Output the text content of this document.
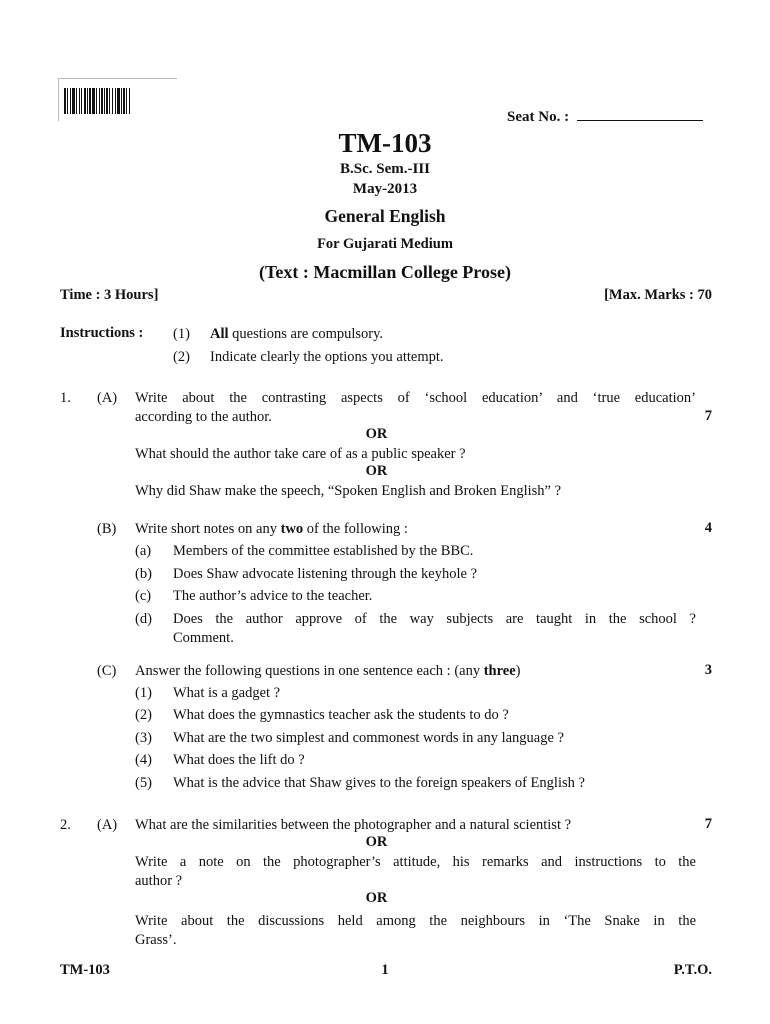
Seat No. :
TM-103
B.Sc. Sem.-III
May-2013
General English
For Gujarati Medium
(Text : Macmillan College Prose)
Time : 3 Hours]	[Max. Marks : 70
Instructions : (1) All questions are compulsory.
(2) Indicate clearly the options you attempt.
1. (A) Write about the contrasting aspects of ‘school education’ and ‘true education’
according to the author.	7
OR
What should the author take care of as a public speaker ?
OR
Why did Shaw make the speech, “Spoken English and Broken English” ?
(B) Write short notes on any two of the following :	4
(a) Members of the committee established by the BBC.
(b) Does Shaw advocate listening through the keyhole ?
(c) The author’s advice to the teacher.
(d) Does the author approve of the way subjects are taught in the school ?
Comment.
(C) Answer the following questions in one sentence each : (any three)	3
(1) What is a gadget ?
(2) What does the gymnastics teacher ask the students to do ?
(3) What are the two simplest and commonest words in any language ?
(4) What does the lift do ?
(5) What is the advice that Shaw gives to the foreign speakers of English ?
2. (A) What are the similarities between the photographer and a natural scientist ?	7
OR
Write a note on the photographer’s attitude, his remarks and instructions to the
author ?
OR
Write about the discussions held among the neighbours in ‘The Snake in the
Grass’.
TM-103	1	P.T.O.
